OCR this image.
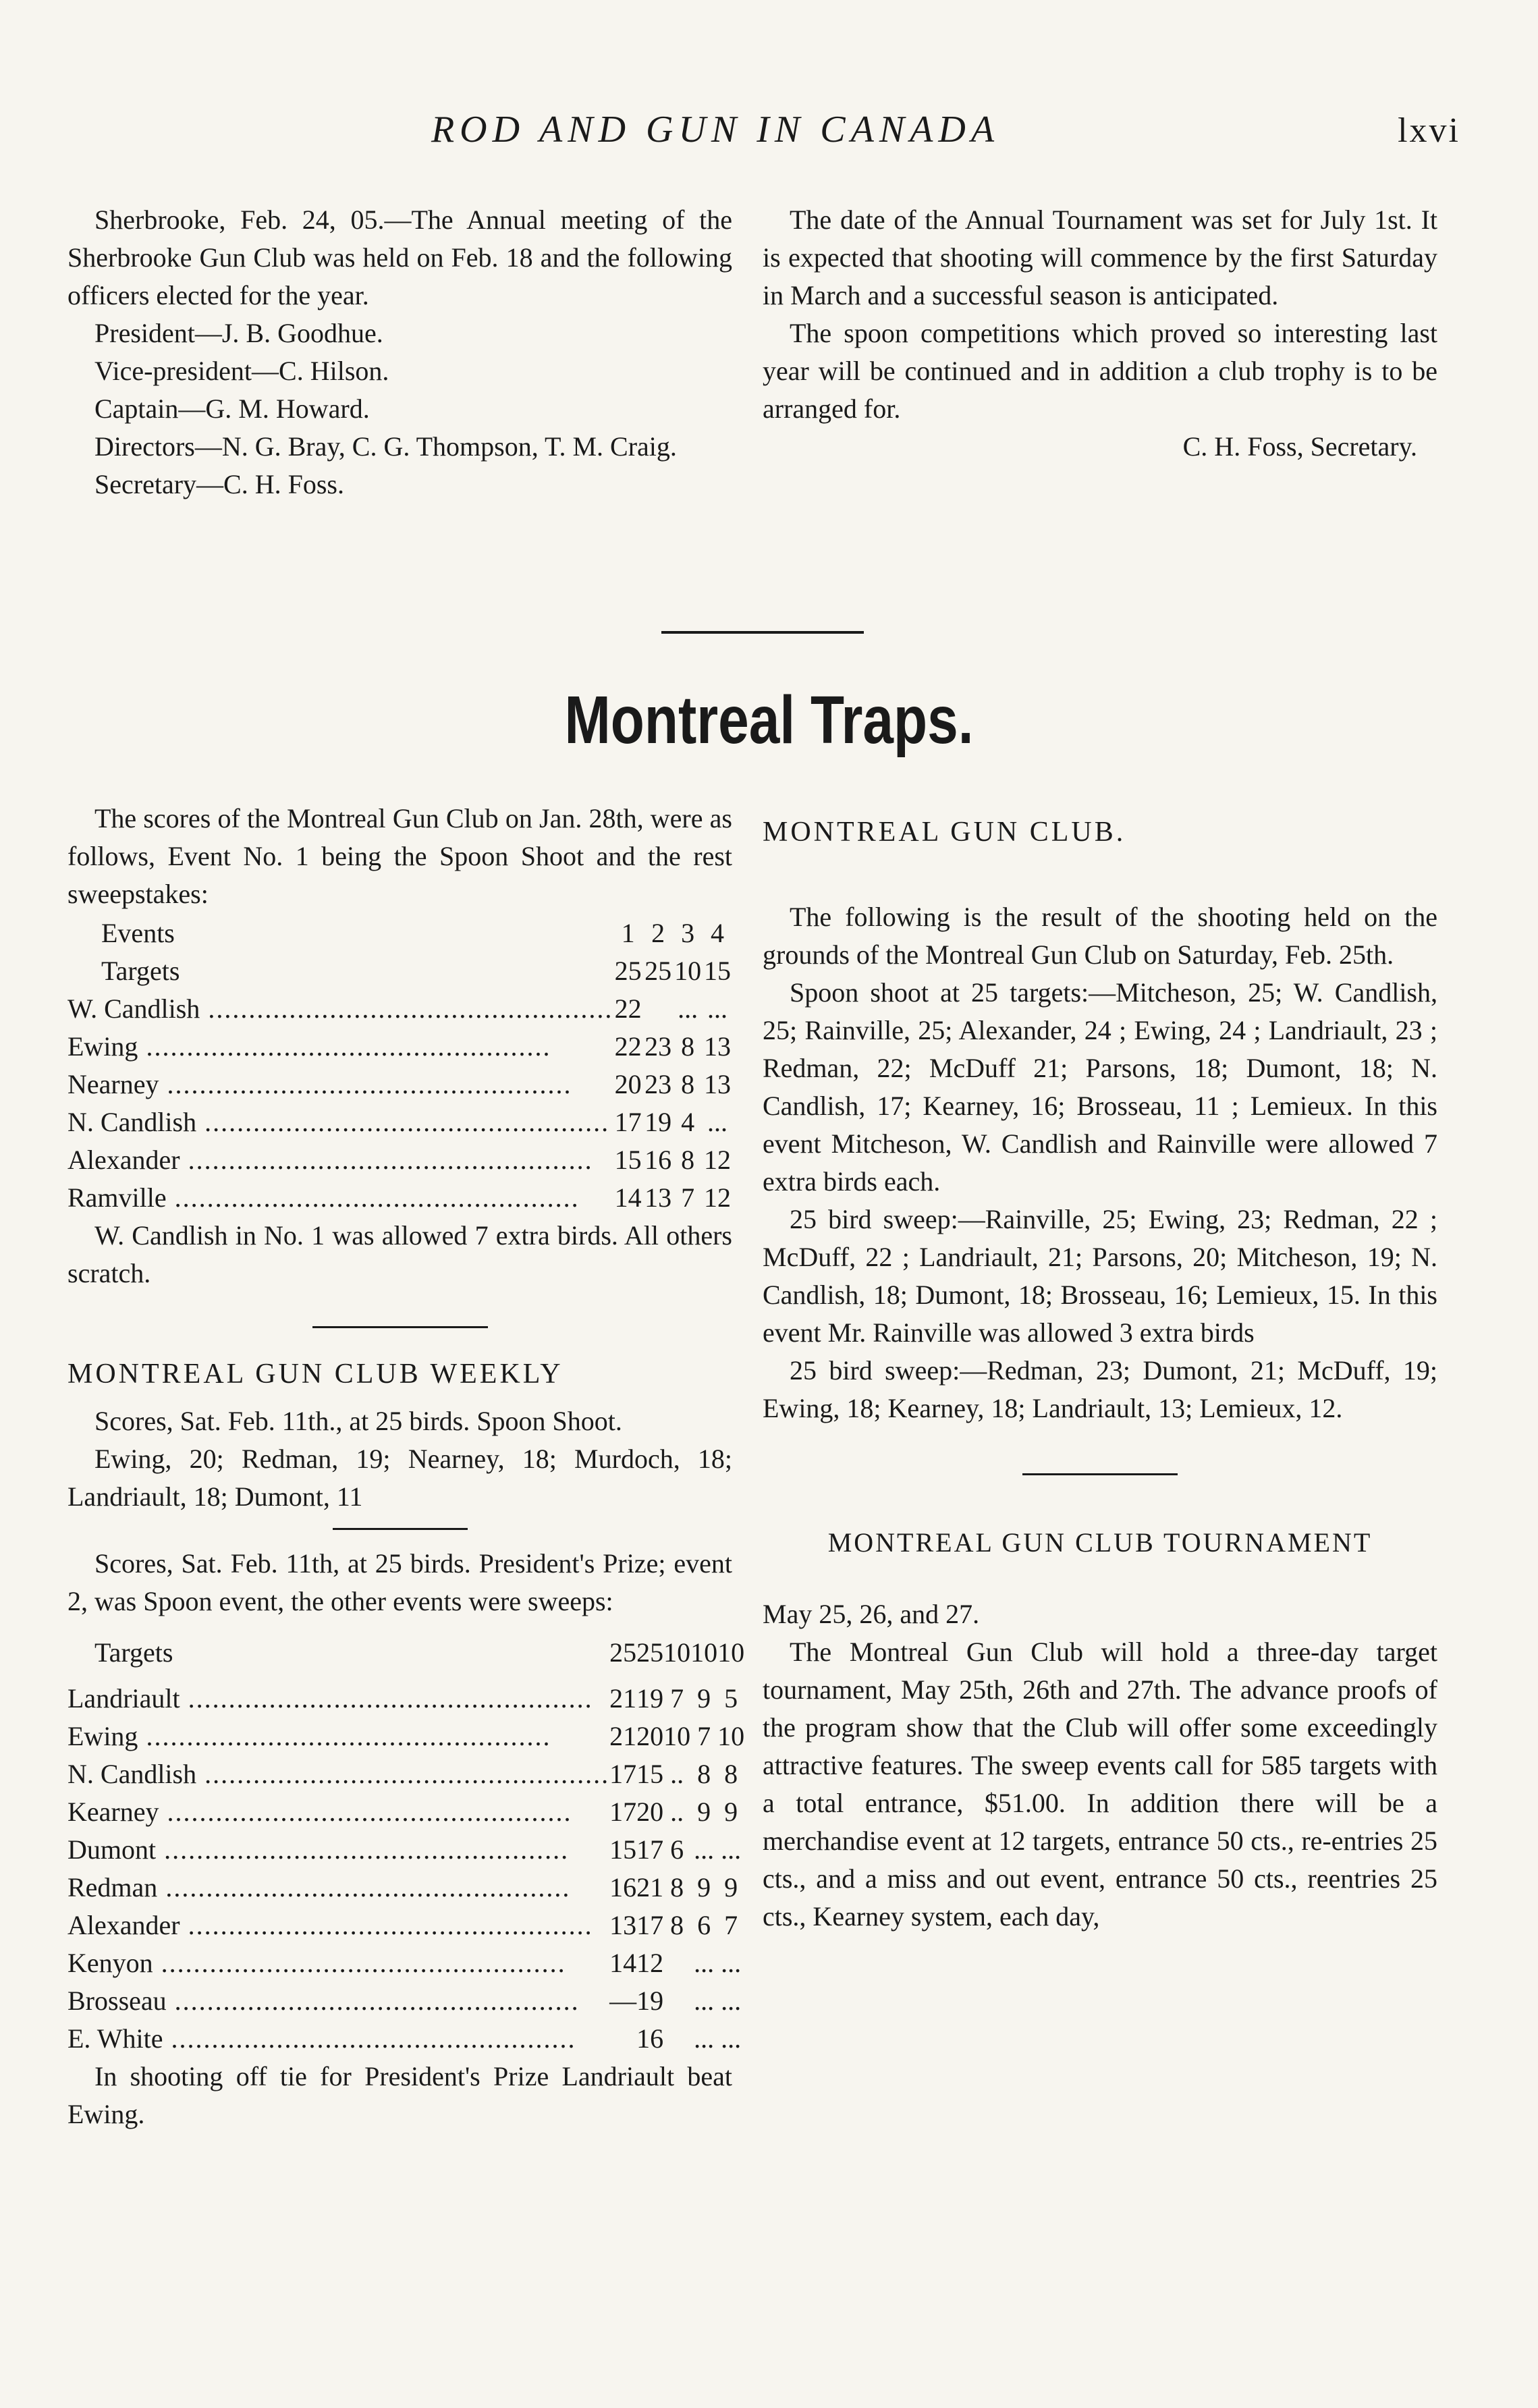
ROD AND GUN IN CANADA	lxvi

Sherbrooke, Feb. 24, 05.—The Annual meeting of the Sherbrooke Gun Club was held on Feb. 18 and the following officers elected for the year.

President—J. B. Goodhue.

Vice-president—C. Hilson.

Captain—G. M. Howard.

Directors—N. G. Bray, C. G. Thompson, T. M. Craig.

Secretary—C. H. Foss.

The date of the Annual Tournament was set for July 1st. It is expected that shooting will commence by the first Saturday in March and a successful season is anticipated.

The spoon competitions which proved so interesting last year will be continued and in addition a club trophy is to be arranged for.

C. H. Foss, Secretary.

Montreal Traps.

The scores of the Montreal Gun Club on Jan. 28th, were as follows, Event No. 1 being the Spoon Shoot and the rest sweepstakes:

Events	1	2	3	4
Targets	25	25	10	15
W. Candlish .....	22		...	...
Ewing .....	22	23	8	13
Nearney .....	20	23	8	13
N. Candlish .....	17	19	4	...
Alexander .....	15	16	8	12
Ramville .....	14	13	7	12

W. Candlish in No. 1 was allowed 7 extra birds. All others scratch.

MONTREAL GUN CLUB WEEKLY

Scores, Sat. Feb. 11th., at 25 birds. Spoon Shoot.

Ewing, 20; Redman, 19; Nearney, 18; Murdoch, 18; Landriault, 18; Dumont, 11

Scores, Sat. Feb. 11th, at 25 birds. President's Prize; event 2, was Spoon event, the other events were sweeps:

Targets	25	25	10	10	10
Landriault .....	21	19	7	9	5
Ewing .....	21	20	10	7	10
N. Candlish .....	17	15	..	8	8
Kearney .....	17	20	..	9	9
Dumont .....	15	17	6	...	...
Redman .....	16	21	8	9	9
Alexander .....	13	17	8	6	7
Kenyon .....	14	12		...	...
Brosseau .....	—	19		...	...
E. White .....		16		...	...

In shooting off tie for President's Prize Landriault beat Ewing.

MONTREAL GUN CLUB.

The following is the result of the shooting held on the grounds of the Montreal Gun Club on Saturday, Feb. 25th.

Spoon shoot at 25 targets:—Mitcheson, 25; W. Candlish, 25; Rainville, 25; Alexander, 24 ; Ewing, 24 ; Landriault, 23 ; Redman, 22; McDuff 21; Parsons, 18; Dumont, 18; N. Candlish, 17; Kearney, 16; Brosseau, 11 ; Lemieux. In this event Mitcheson, W. Candlish and Rainville were allowed 7 extra birds each.

25 bird sweep:—Rainville, 25; Ewing, 23; Redman, 22 ; McDuff, 22 ; Landriault, 21; Parsons, 20; Mitcheson, 19; N. Candlish, 18; Dumont, 18; Brosseau, 16; Lemieux, 15. In this event Mr. Rainville was allowed 3 extra birds

25 bird sweep:—Redman, 23; Dumont, 21; McDuff, 19; Ewing, 18; Kearney, 18; Landriault, 13; Lemieux, 12.

MONTREAL GUN CLUB TOURNAMENT

May 25, 26, and 27.

The Montreal Gun Club will hold a three-day target tournament, May 25th, 26th and 27th. The advance proofs of the program show that the Club will offer some exceedingly attractive features. The sweep events call for 585 targets with a total entrance, $51.00. In addition there will be a merchandise event at 12 targets, entrance 50 cts., re-entries 25 cts., and a miss and out event, entrance 50 cts., reentries 25 cts., Kearney system, each day,
